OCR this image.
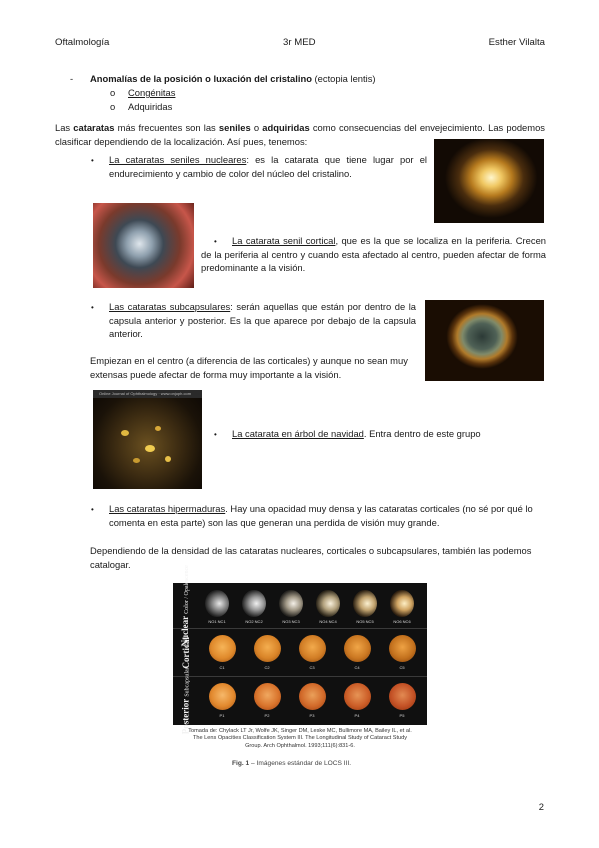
Oftalmología	3r MED	Esther Vilalta
- Anomalías de la posición o luxación del cristalino (ectopia lentis)
o Congénitas
o Adquiridas
Las cataratas más frecuentes son las seniles o adquiridas como consecuencias del envejecimiento. Las podemos clasificar dependiendo de la localización. Así pues, tenemos:
• La cataratas seniles nucleares: es la catarata que tiene lugar por el endurecimiento y cambio de color del núcleo del cristalino.
•	La catarata senil cortical, que es la que se localiza en la periferia. Crecen de la periferia al centro y cuando esta afectado al centro, pueden afectar de forma predominante a la visión.
• Las cataratas subcapsulares: serán aquellas que están por dentro de la capsula anterior y posterior. Es la que aparece por debajo de la capsula anterior.
Empiezan en el centro (a diferencia de las corticales) y aunque no sean muy extensas puede afectar de forma muy importante a la visión.
Online Journal of Ophthalmology · www.onjoph.com
• La catarata en árbol de navidad. Entra dentro de este grupo
• Las cataratas hipermaduras. Hay una opacidad muy densa y las cataratas corticales (no sé por qué lo comenta en esta parte) son las que generan una perdida de visión muy grande.
Dependiendo de la densidad de las cataratas nucleares, corticales o subcapsulares, también las podemos catalogar.
Nuclear Color / Opalescence
Cortical
Posterior Subcapsular
NO1 NC1	NO2 NC2	NO3 NC3	NO4 NC4	NO5 NC5	NO6 NC6
C1	C2	C3	C4	C5
P1	P2	P3	P4	P5
Tomada de: Chylack LT Jr, Wolfe JK, Singer DM, Leske MC, Bullimore MA, Bailey IL, et al.
The Lens Opacities Classification System III. The Longitudinal Study of Cataract Study
Group. Arch Ophthalmol. 1993;111(6):831-6.
Fig. 1 – Imágenes estándar de LOCS III.
2
